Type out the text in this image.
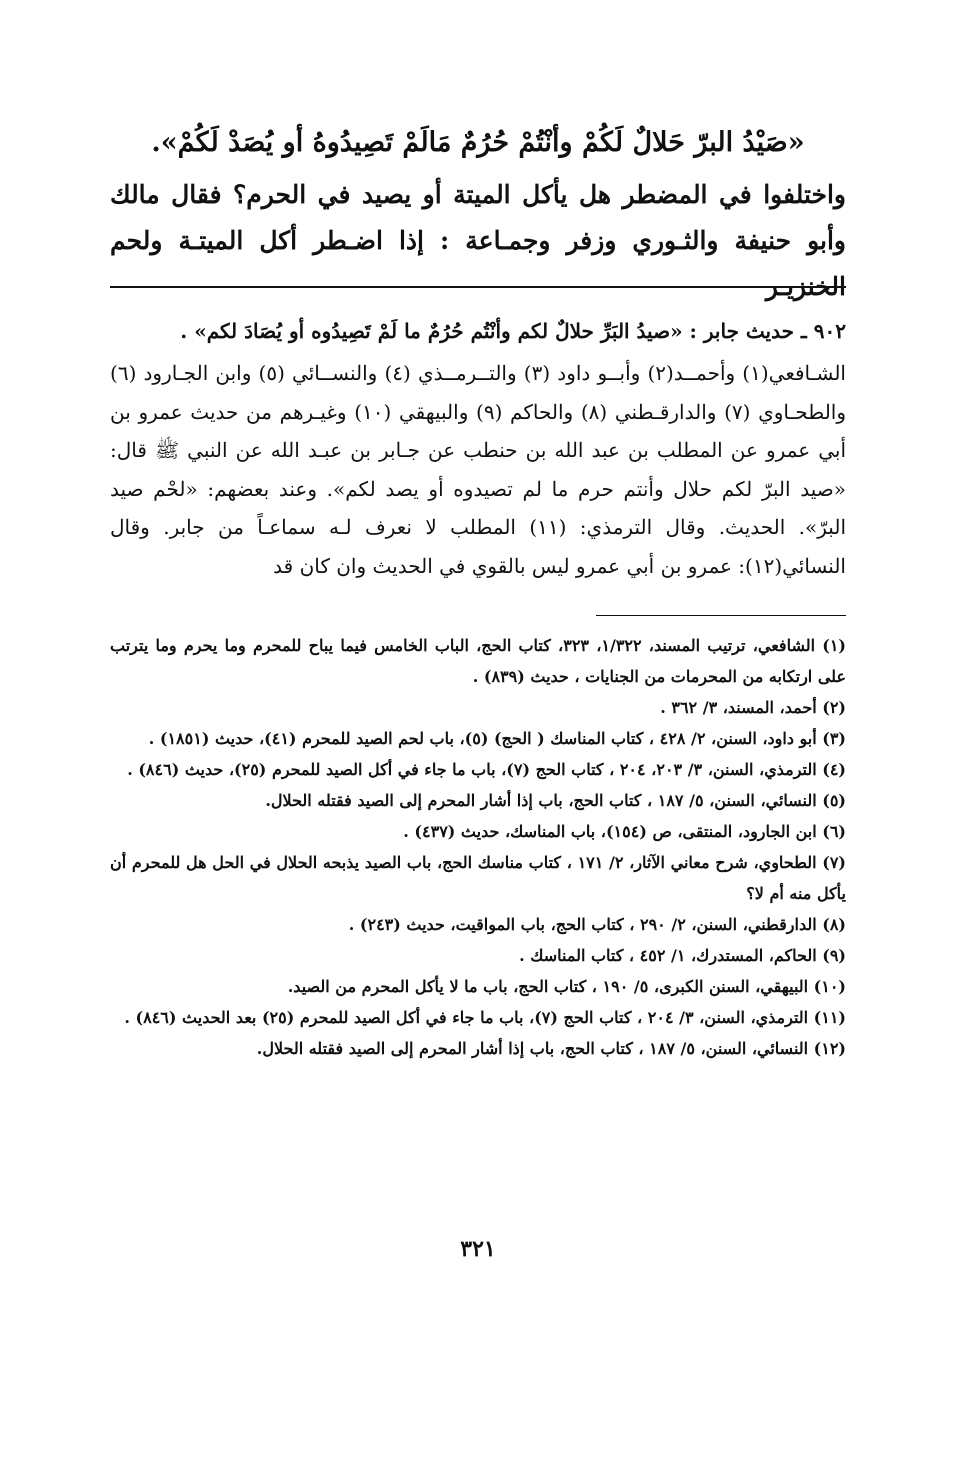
«صَيْدُ البرّ حَلالٌ لَكُمْ وأنْتُمْ حُرُمٌ مَالَمْ تَصِيدُوهُ أو يُصَدْ لَكُمْ».

واختلفوا في المضطر هل يأكل الميتة أو يصيد في الحرم؟ فقال مالك وأبو حنيفة والثـوري وزفر وجمـاعة : إذا اضـطر أكل الميتـة ولحم الخنزيـر

٩٠٢ ـ حديث جابر : «صيدُ البَرِّ حلالٌ لكم وأنْتُم حُرُمٌ ما لَمْ تَصِيدُوه أو يُصَادَ لكم» .

الشـافعي(١) وأحمــد(٢) وأبــو داود (٣) والتــرمــذي (٤) والنســائي (٥) وابن الجـارود (٦) والطحـاوي (٧) والدارقـطني (٨) والحاكم (٩) والبيهقي (١٠) وغيـرهم من حديث عمرو بن أبي عمرو عن المطلب بن عبد الله بن حنطب عن جـابر بن عبـد الله عن النبي ﷺ قال: «صيد البرّ لكم حلال وأنتم حرم ما لم تصيدوه أو يصد لكم». وعند بعضهم: «لحْم صيد البرّ». الحديث. وقال الترمذي: (١١) المطلب لا نعرف لـه سماعـاً من جابر. وقال النسائي(١٢): عمرو بن أبي عمرو ليس بالقوي في الحديث وان كان قد

(١) الشافعي، ترتيب المسند، ١/٣٢٢، ٣٢٣، كتاب الحج، الباب الخامس فيما يباح للمحرم وما يحرم وما يترتب على ارتكابه من المحرمات من الجنايات ، حديث (٨٣٩) .
(٢) أحمد، المسند، ٣/ ٣٦٢ .
(٣) أبو داود، السنن، ٢/ ٤٢٨ ، كتاب المناسك ( الحج) (٥)، باب لحم الصيد للمحرم (٤١)، حديث (١٨٥١) .
(٤) الترمذي، السنن، ٣/ ٢٠٣، ٢٠٤ ، كتاب الحج (٧)، باب ما جاء في أكل الصيد للمحرم (٢٥)، حديث (٨٤٦) .
(٥) النسائي، السنن، ٥/ ١٨٧ ، كتاب الحج، باب إذا أشار المحرم إلى الصيد فقتله الحلال.
(٦) ابن الجارود، المنتقى، ص (١٥٤)، باب المناسك، حديث (٤٣٧) .
(٧) الطحاوي، شرح معاني الآثار، ٢/ ١٧١ ، كتاب مناسك الحج، باب الصيد يذبحه الحلال في الحل هل للمحرم أن يأكل منه أم لا؟
(٨) الدارقطني، السنن، ٢/ ٢٩٠ ، كتاب الحج، باب المواقيت، حديث (٢٤٣) .
(٩) الحاكم، المستدرك، ١/ ٤٥٢ ، كتاب المناسك .
(١٠) البيهقي، السنن الكبرى، ٥/ ١٩٠ ، كتاب الحج، باب ما لا يأكل المحرم من الصيد.
(١١) الترمذي، السنن، ٣/ ٢٠٤ ، كتاب الحج (٧)، باب ما جاء في أكل الصيد للمحرم (٢٥) بعد الحديث (٨٤٦) .
(١٢) النسائي، السنن، ٥/ ١٨٧ ، كتاب الحج، باب إذا أشار المحرم إلى الصيد فقتله الحلال.
٣٢١
